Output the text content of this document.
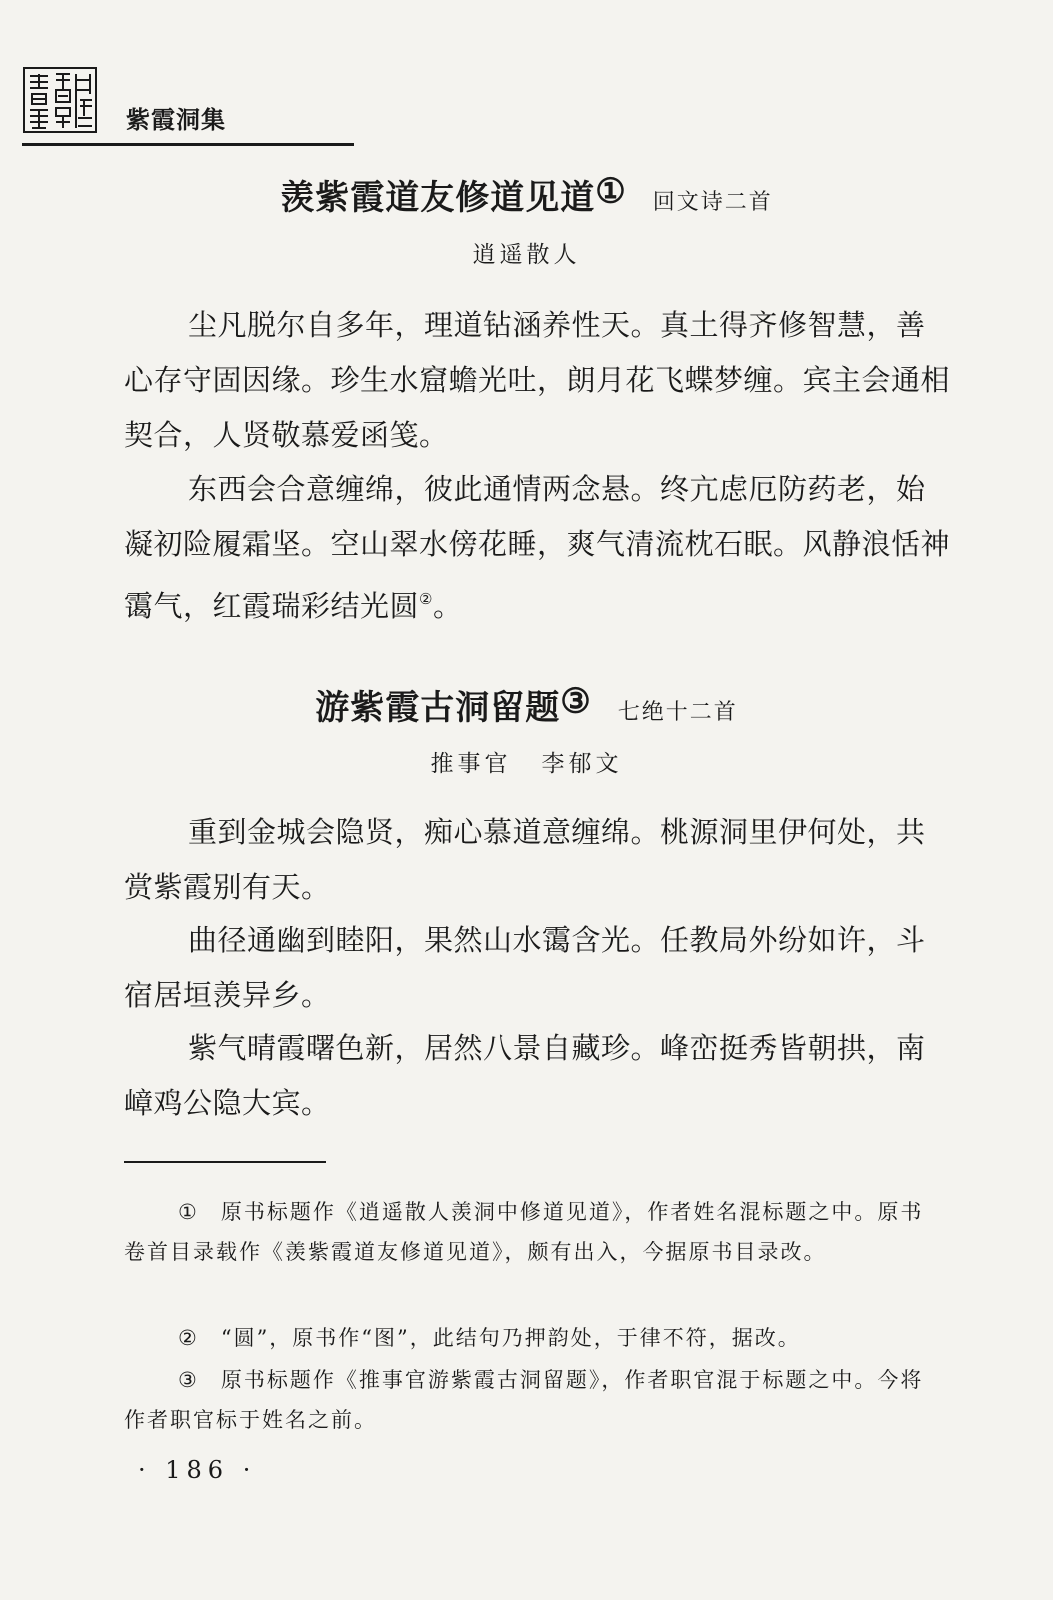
紫霞洞集
羡紫霞道友修道见道① 回文诗二首
逍遥散人
尘凡脱尔自多年，理道钻涵养性天。真土得齐修智慧，善心存守固因缘。珍生水窟蟾光吐，朗月花飞蝶梦缠。宾主会通相契合，人贤敬慕爱函笺。
东西会合意缠绵，彼此通情两念悬。终亢虑厄防药老，始凝初险履霜坚。空山翠水傍花睡，爽气清流枕石眠。风静浪恬神霭气，红霞瑞彩结光圆②。
游紫霞古洞留题③ 七绝十二首
推事官 李郁文
重到金城会隐贤，痴心慕道意缠绵。桃源洞里伊何处，共赏紫霞别有天。
曲径通幽到睦阳，果然山水霭含光。任教局外纷如许，斗宿居垣羡异乡。
紫气晴霞曙色新，居然八景自藏珍。峰峦挺秀皆朝拱，南嶂鸡公隐大宾。
① 原书标题作《逍遥散人羡洞中修道见道》，作者姓名混标题之中。原书卷首目录载作《羡紫霞道友修道见道》，颇有出入，今据原书目录改。
② “圆”，原书作“图”，此结句乃押韵处，于律不符，据改。
③ 原书标题作《推事官游紫霞古洞留题》，作者职官混于标题之中。今将作者职官标于姓名之前。
· 186 ·
